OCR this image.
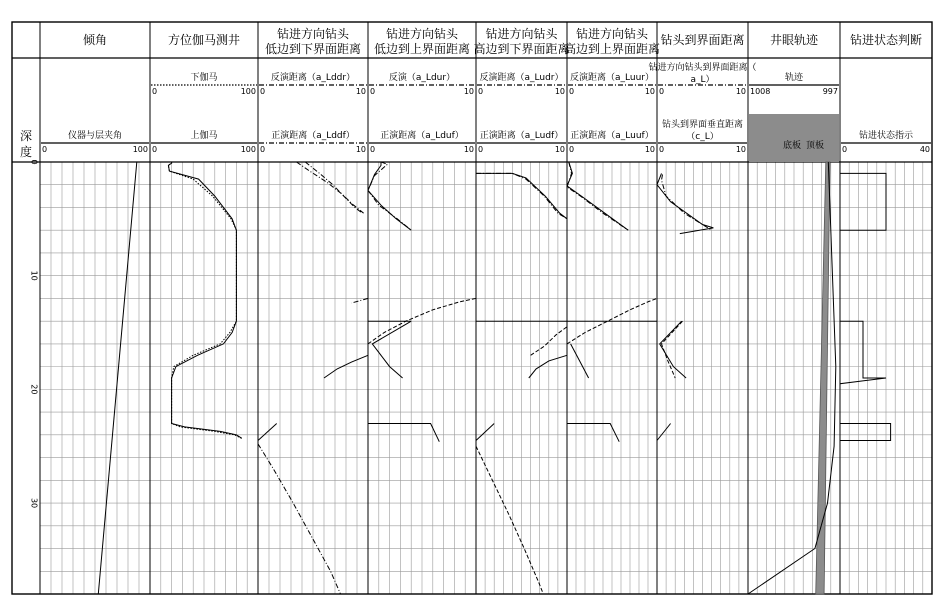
深
度
0
10
20
30
倾角
仪器与层夹角
0	100
方位伽马测井
下伽马
0	100
上伽马
0	100
钻进方向钻头
低边到下界面距离
反演距离（a_Lddr）
0	10
正演距离（a_Lddf）
0	10
钻进方向钻头
低边到上界面距离
反演（a_Ldur）
0	10
正演距离（a_Lduf）
0	10
钻进方向钻头
高边到下界面距离
反演距离（a_Ludr）
0	10
正演距离（a_Ludf）
0	10
钻进方向钻头
高边到上界面距离
反演距离（a_Luur）
0	10
正演距离（a_Luuf）
0	10
钻头到界面距离
钻进方向钻头到界面距离（
a_L）
0	10
钻头到界面垂直距离
（c_L）
0	10
井眼轨迹
轨迹
1008	997
底板 顶板
钻进状态判断
钻进状态指示
0	40
